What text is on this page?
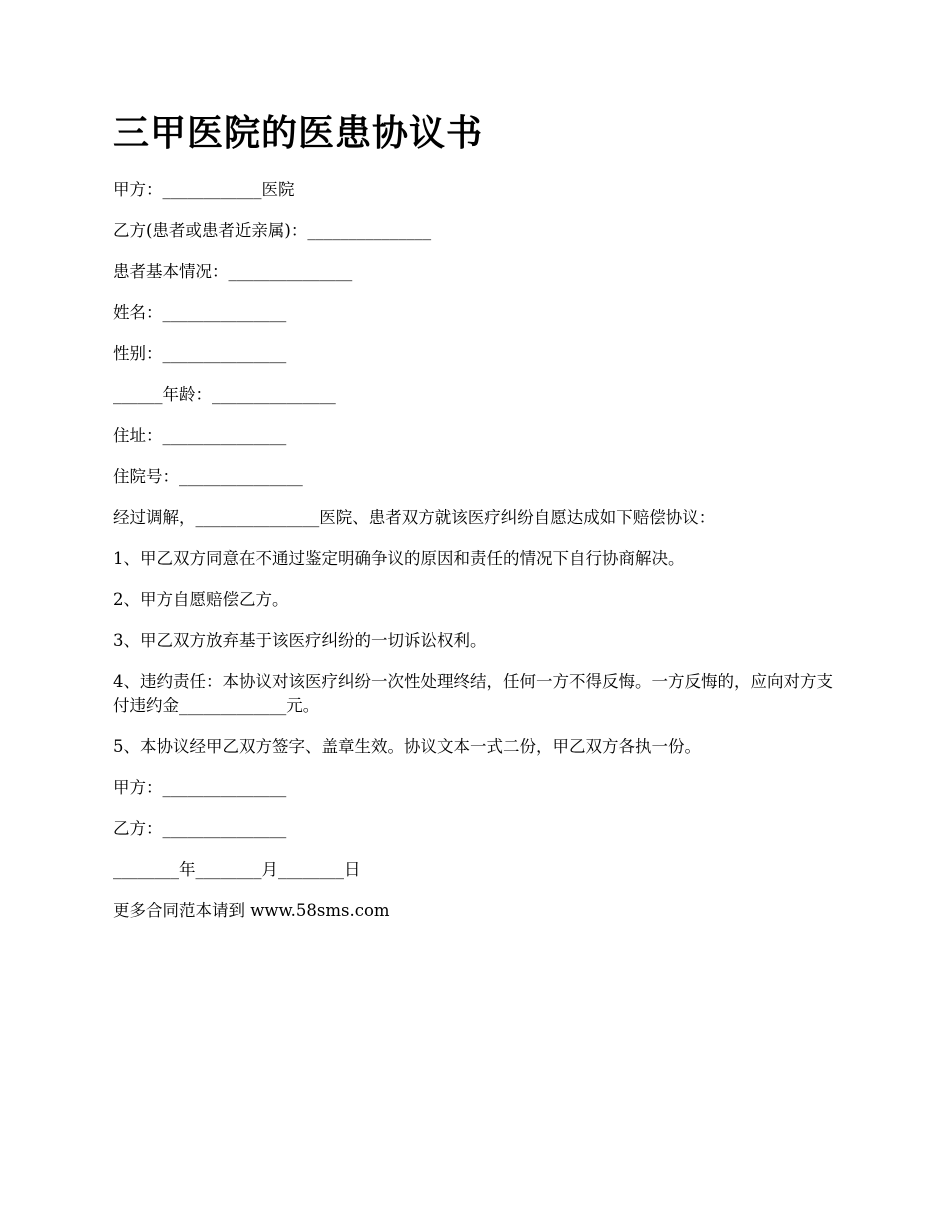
三甲医院的医患协议书

甲方：____________医院

乙方(患者或患者近亲属)：_______________

患者基本情况：_______________

姓名：_______________

性别：_______________

______年龄：_______________

住址：_______________

住院号：_______________

经过调解，_______________医院、患者双方就该医疗纠纷自愿达成如下赔偿协议：

1、甲乙双方同意在不通过鉴定明确争议的原因和责任的情况下自行协商解决。

2、甲方自愿赔偿乙方。

3、甲乙双方放弃基于该医疗纠纷的一切诉讼权利。

4、违约责任：本协议对该医疗纠纷一次性处理终结，任何一方不得反悔。一方反悔的，应向对方支付违约金_____________元。

5、本协议经甲乙双方签字、盖章生效。协议文本一式二份，甲乙双方各执一份。

甲方：_______________

乙方：_______________

________年________月________日

更多合同范本请到 www.58sms.com
